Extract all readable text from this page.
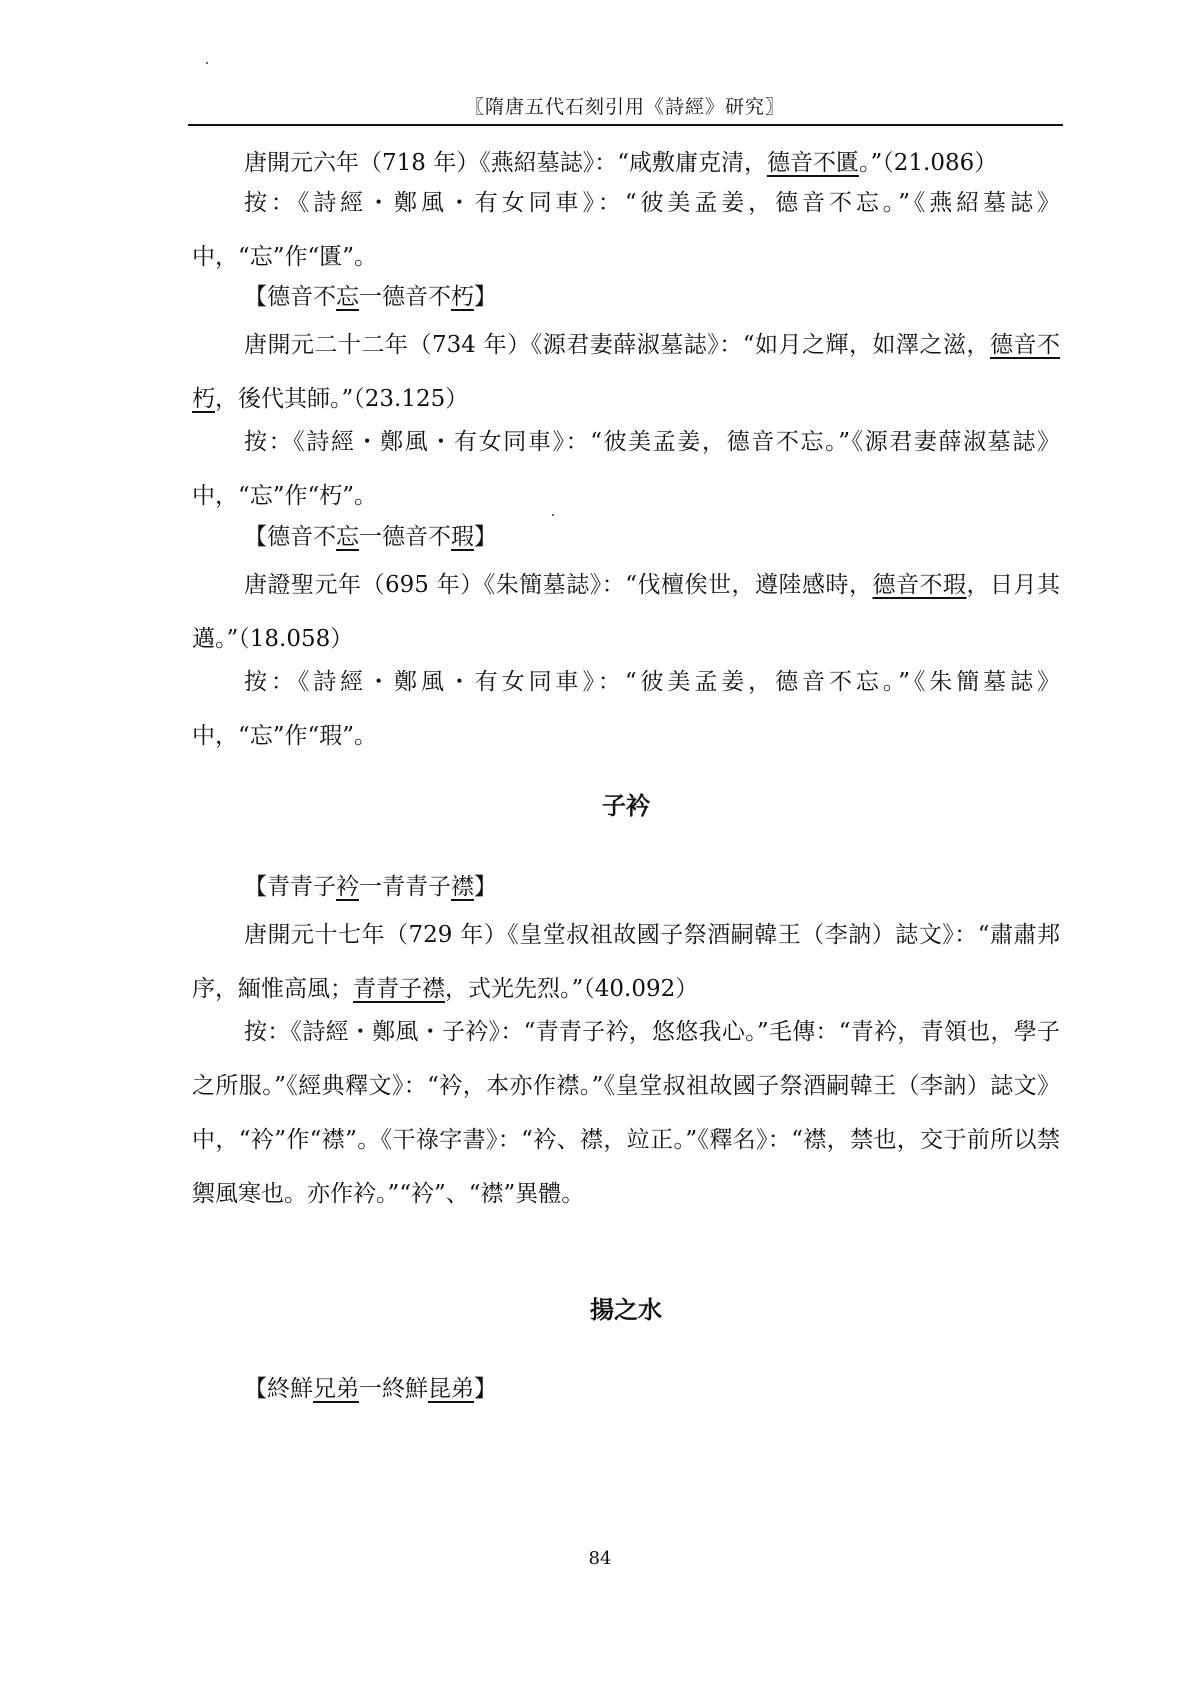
〖隋唐五代石刻引用《詩經》研究〗
唐開元六年（718 年）《燕紹墓誌》：“咸敷庸克清，德音不匱。”（21.086）
按：《詩經・鄭風・有女同車》：“彼美孟姜，德音不忘。”《燕紹墓誌》中，“忘”作“匱”。
【德音不忘一德音不朽】
唐開元二十二年（734 年）《源君妻薛淑墓誌》：“如月之輝，如澤之滋，德音不朽，後代其師。”（23.125）
按：《詩經・鄭風・有女同車》：“彼美孟姜，德音不忘。”《源君妻薛淑墓誌》中，“忘”作“朽”。
【德音不忘一德音不瑕】
唐證聖元年（695 年）《朱簡墓誌》：“伐檀俟世，遵陸感時，德音不瑕，日月其邁。”（18.058）
按：《詩經・鄭風・有女同車》：“彼美孟姜，德音不忘。”《朱簡墓誌》中，“忘”作“瑕”。
子衿
【青青子衿一青青子襟】
唐開元十七年（729 年）《皇堂叔祖故國子祭酒嗣韓王（李訥）誌文》：“肅肅邦序，緬惟高風；青青子襟，式光先烈。”（40.092）
按：《詩經・鄭風・子衿》：“青青子衿，悠悠我心。”毛傳：“青衿，青領也，學子之所服。”《經典釋文》：“衿，本亦作襟。”《皇堂叔祖故國子祭酒嗣韓王（李訥）誌文》中，“衿”作“襟”。《干祿字書》：“衿、襟，竝正。”《釋名》：“襟，禁也，交于前所以禁禦風寒也。亦作衿。”“衿”、“襟”異體。
揚之水
【終鮮兄弟一終鮮昆弟】
84
